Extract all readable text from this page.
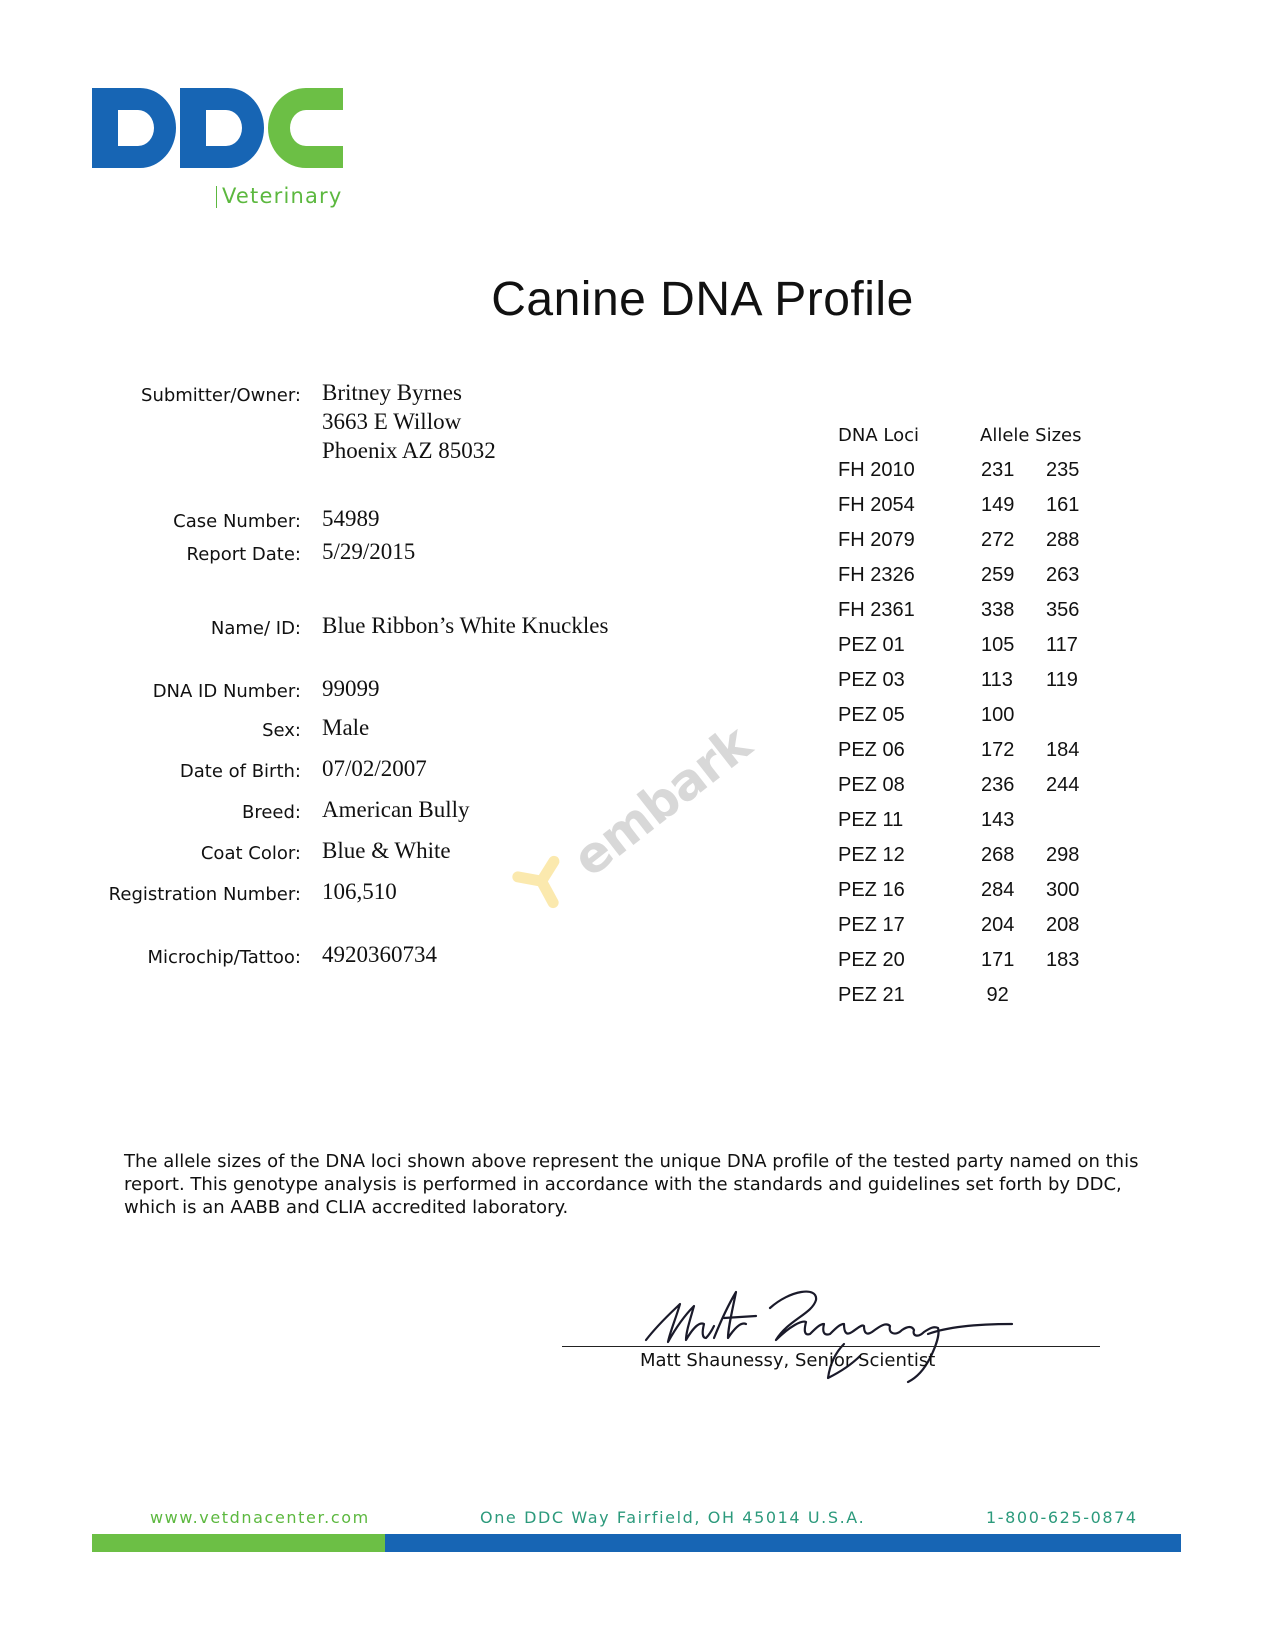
Veterinary
Canine DNA Profile
Submitter/Owner: Britney Byrnes
3663 E Willow
Phoenix AZ 85032
Case Number: 54989
Report Date: 5/29/2015
Name/ ID: Blue Ribbon’s White Knuckles
DNA ID Number: 99099
Sex: Male
Date of Birth: 07/02/2007
Breed: American Bully
Coat Color: Blue & White
Registration Number: 106,510
Microchip/Tattoo: 4920360734
embark
DNA Loci	Allele Sizes
FH 2010	231 235
FH 2054	149 161
FH 2079	272 288
FH 2326	259 263
FH 2361	338 356
PEZ 01	105 117
PEZ 03	113 119
PEZ 05	100
PEZ 06	172 184
PEZ 08	236 244
PEZ 11	143
PEZ 12	268 298
PEZ 16	284 300
PEZ 17	204 208
PEZ 20	171 183
PEZ 21	92
The allele sizes of the DNA loci shown above represent the unique DNA profile of the tested party named on this report. This genotype analysis is performed in accordance with the standards and guidelines set forth by DDC, which is an AABB and CLIA accredited laboratory.
Matt Shaunessy, Senior Scientist
www.vetdnacenter.com	One DDC Way Fairfield, OH 45014 U.S.A.	1-800-625-0874
